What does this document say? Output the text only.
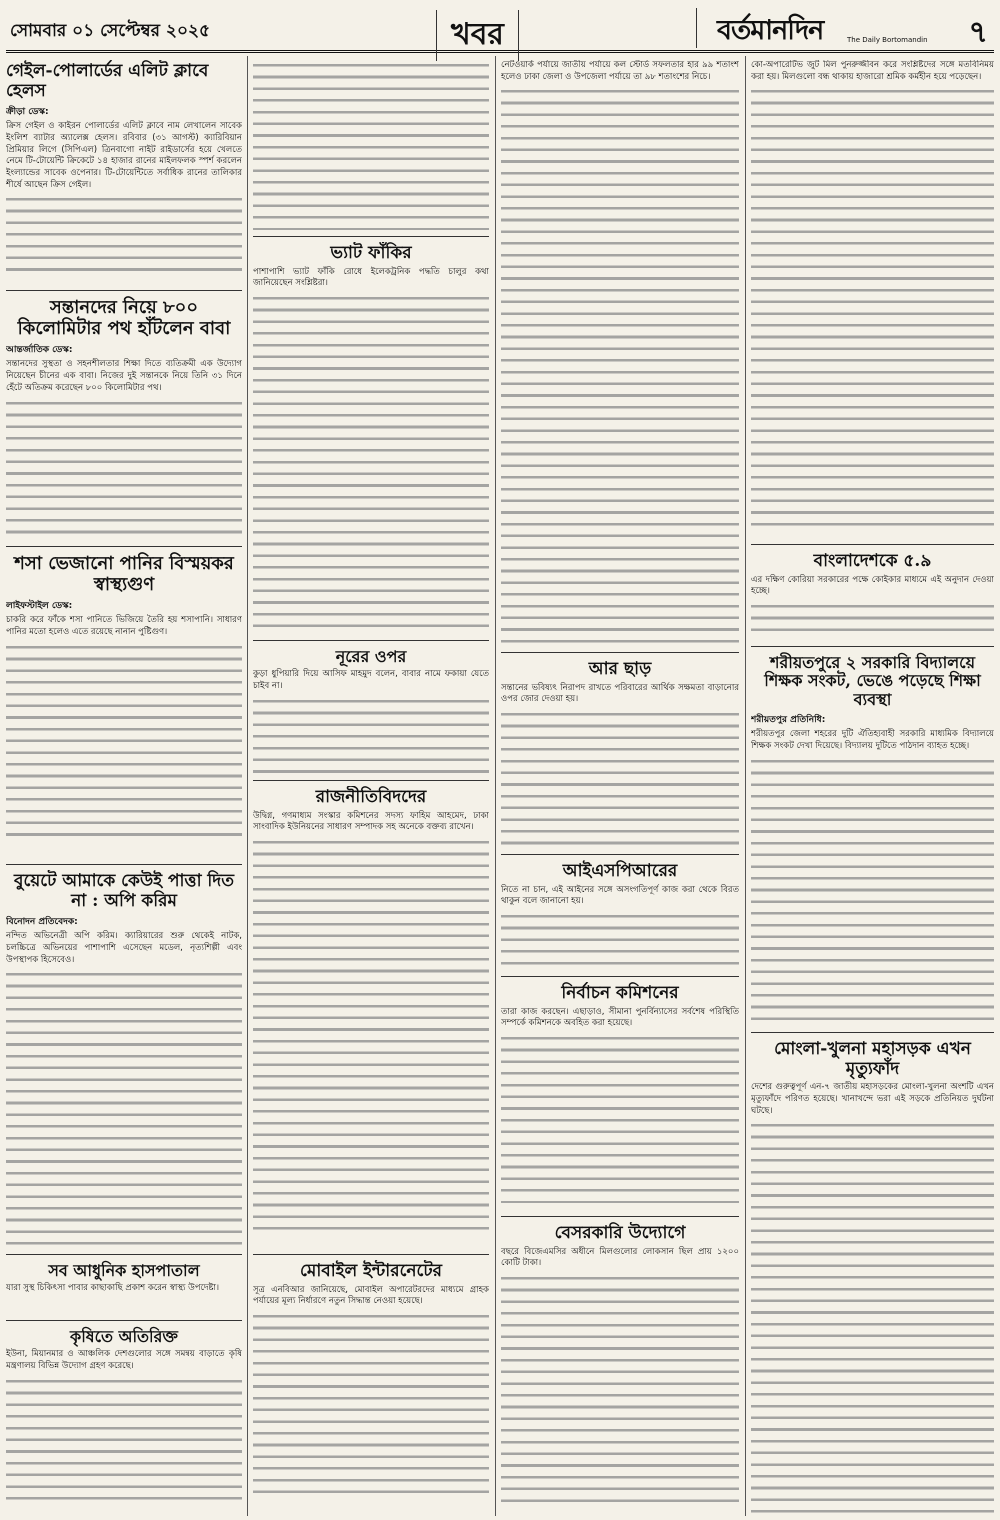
সোমবার ০১ সেপ্টেম্বর ২০২৫	খবর	বর্তমানদিন	The Daily Bortomandin ৭
গেইল-পোলার্ডের এলিট ক্লাবে হেলস
ক্রীড়া ডেস্ক:

ক্রিস গেইল ও কাইরন পোলার্ডের এলিট ক্লাবে নাম লেখালেন সাবেক ইংলিশ ব্যাটার অ্যালেক্স হেলস। রবিবার (৩১ আগস্ট) ক্যারিবিয়ান প্রিমিয়ার লিগে (সিপিএল) ত্রিনবাগো নাইট রাইডার্সের হয়ে খেলতে নেমে টি-টোয়েন্টি ক্রিকেটে ১৪ হাজার রানের মাইলফলক স্পর্শ করলেন ইংল্যান্ডের সাবেক ওপেনার। টি-টোয়েন্টিতে সর্বাধিক রানের তালিকার শীর্ষে আছেন ক্রিস গেইল।

সন্তানদের নিয়ে ৮০০ কিলোমিটার পথ হাঁটলেন বাবা
আন্তর্জাতিক ডেস্ক:

সন্তানদের সুস্থতা ও সহনশীলতার শিক্ষা দিতে ব্যতিক্রমী এক উদ্যোগ নিয়েছেন চীনের এক বাবা। নিজের দুই সন্তানকে নিয়ে তিনি ৩১ দিনে হেঁটে অতিক্রম করেছেন ৮০০ কিলোমিটার পথ।

শসা ভেজানো পানির বিস্ময়কর স্বাস্থ্যগুণ
লাইফস্টাইল ডেস্ক:

চাকরি করে ফাঁকে শসা পানিতে ভিজিয়ে তৈরি হয় শসাপানি। সাধারণ পানির মতো হলেও এতে রয়েছে নানান পুষ্টিগুণ।

বুয়েটে আমাকে কেউই পাত্তা দিত না : অপি করিম
বিনোদন প্রতিবেদক:

নন্দিত অভিনেত্রী অপি করিম। ক্যারিয়ারের শুরু থেকেই নাটক, চলচ্চিত্রে অভিনয়ের পাশাপাশি এসেছেন মডেল, নৃত্যশিল্পী এবং উপস্থাপক হিসেবেও।

সব আধুনিক হাসপাতাল

যারা সুস্থ চিকিৎসা পাবার কাছাকাছি প্রকাশ করেন স্বাস্থ্য উপদেষ্টা।

কৃষিতে অতিরিক্ত

ইউনা, মিয়ানমার ও আঞ্চলিক দেশগুলোর সঙ্গে সমন্বয় বাড়াতে কৃষি মন্ত্রণালয় বিভিন্ন উদ্যোগ গ্রহণ করেছে।

ভ্যাট ফাঁকির

পাশাপাশি ভ্যাট ফাঁকি রোধে ইলেকট্রনিক পদ্ধতি চালুর কথা জানিয়েছেন সংশ্লিষ্টরা।

নূরের ওপর

কুড়া ধুপিয়ারি দিয়ে আসিফ মাহমুদ বলেন, বাবার নামে ফকায়া যেতে চাইব না।

রাজনীতিবিদদের

উদ্বিগ্ন, গণমাধ্যম সংস্কার কমিশনের সদস্য ফাহিম আহমেদ, ঢাকা সাংবাদিক ইউনিয়নের সাধারণ সম্পাদক সহ অনেকে বক্তব্য রাখেন।

মোবাইল ইন্টারনেটের

সূত্র এনবিআর জানিয়েছে, মোবাইল অপারেটরদের মাধ্যমে গ্রাহক পর্যায়ের মূল্য নির্ধারণে নতুন সিদ্ধান্ত নেওয়া হয়েছে।

নেটওয়ার্ক পর্যায়ে জাতীয় পর্যায়ে কল স্টোর্ড সফলতার হার ৯৯ শতাংশ হলেও ঢাকা জেলা ও উপজেলা পর্যায়ে তা ৯৮ শতাংশের নিচে।

আর ছাড়

সন্তানের ভবিষ্যৎ নিরাপদ রাখতে পরিবারের আর্থিক সক্ষমতা বাড়ানোর ওপর জোর দেওয়া হয়।

আইএসপিআরের

নিতে না চান, এই আইনের সঙ্গে অসংগতিপূর্ণ কাজ করা থেকে বিরত থাকুন বলে জানানো হয়।

নির্বাচন কমিশনের

তারা কাজ করছেন। এছাড়াও, সীমানা পুনর্বিন্যাসের সর্বশেষ পরিস্থিতি সম্পর্কে কমিশনকে অবহিত করা হয়েছে।

বেসরকারি উদ্যোগে

বছরে বিজেএমসির অধীনে মিলগুলোর লোকসান ছিল প্রায় ১২০০ কোটি টাকা।

কো-অপারেটিভ জুট মিল পুনরুজ্জীবন করে সংশ্লিষ্টদের সঙ্গে মতবিনিময় করা হয়। মিলগুলো বন্ধ থাকায় হাজারো শ্রমিক কর্মহীন হয়ে পড়েছেন।

বাংলাদেশকে ৫.৯

এর দক্ষিণ কোরিয়া সরকারের পক্ষে কোইকার মাধ্যমে এই অনুদান দেওয়া হচ্ছে।

শরীয়তপুরে ২ সরকারি বিদ্যালয়ে শিক্ষক সংকট, ভেঙে পড়েছে শিক্ষা ব্যবস্থা
শরীয়তপুর প্রতিনিধি:

শরীয়তপুর জেলা শহরের দুটি ঐতিহ্যবাহী সরকারি মাধ্যমিক বিদ্যালয়ে শিক্ষক সংকট দেখা দিয়েছে। বিদ্যালয় দুটিতে পাঠদান ব্যাহত হচ্ছে।

মোংলা-খুলনা মহাসড়ক এখন মৃত্যুফাঁদ

দেশের গুরুত্বপূর্ণ এন-৭ জাতীয় মহাসড়কের মোংলা-খুলনা অংশটি এখন মৃত্যুফাঁদে পরিণত হয়েছে। খানাখন্দে ভরা এই সড়কে প্রতিনিয়ত দুর্ঘটনা ঘটছে।
